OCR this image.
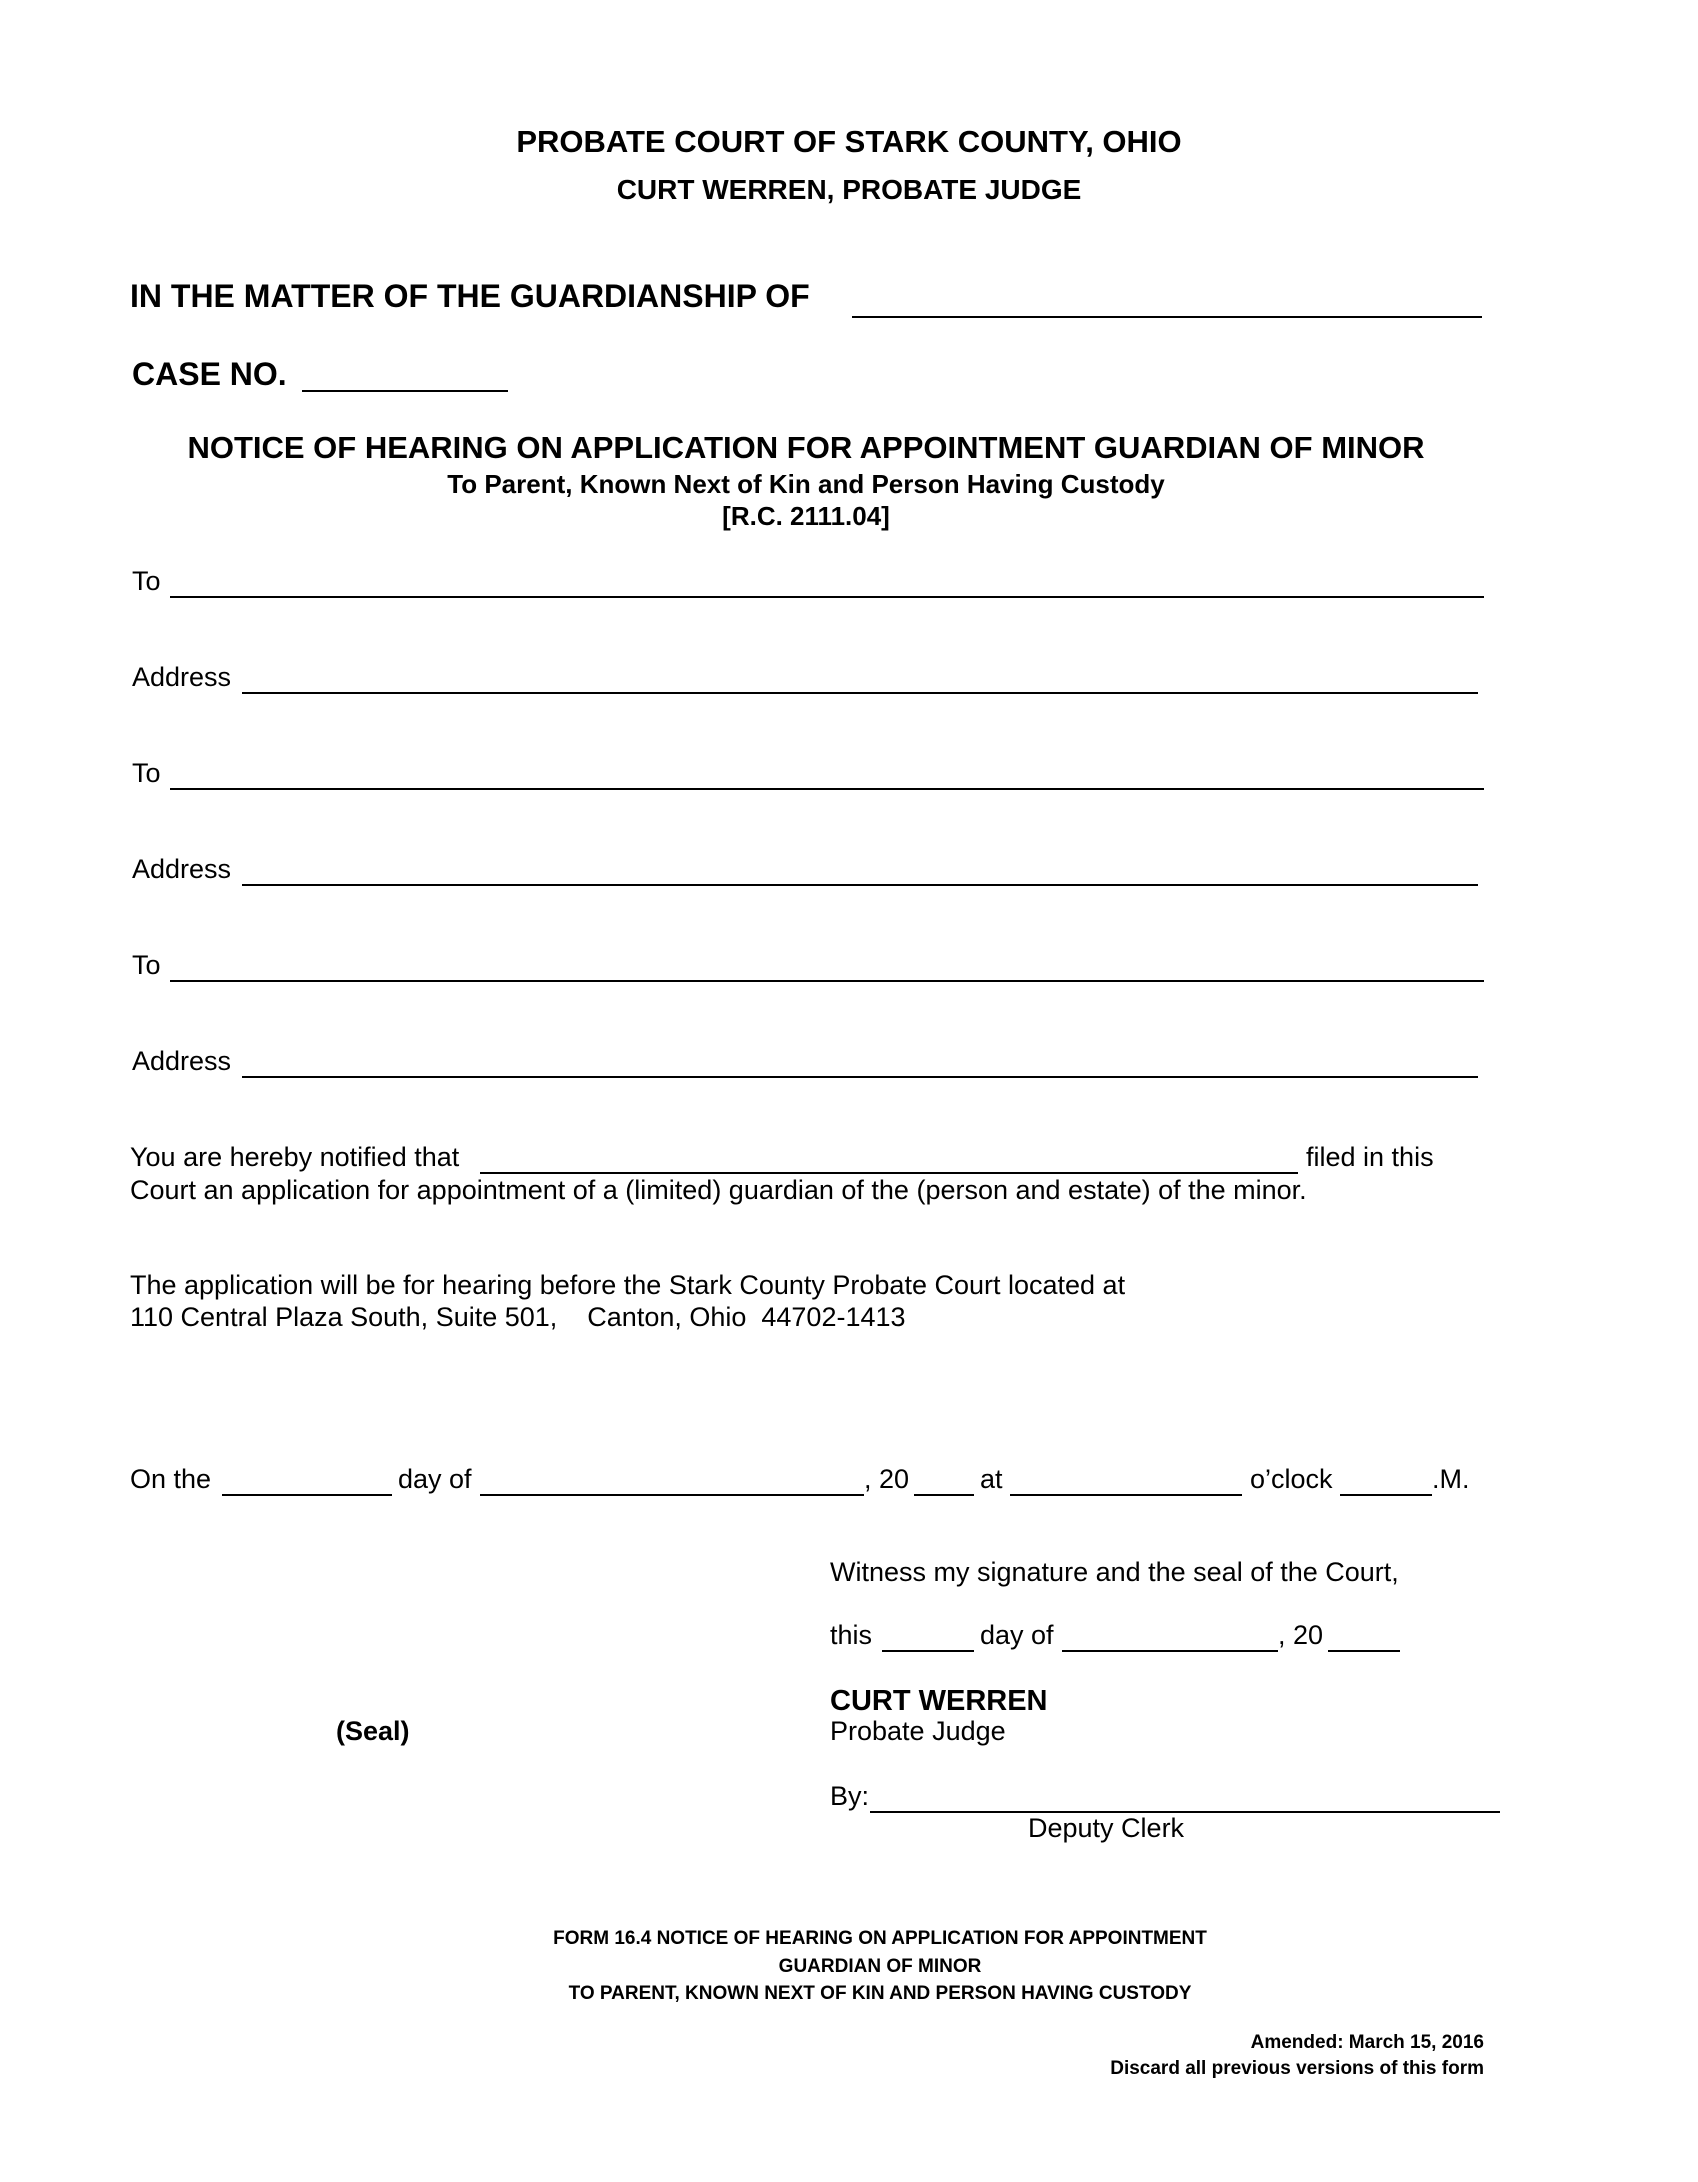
PROBATE COURT OF STARK COUNTY, OHIO
CURT WERREN, PROBATE JUDGE
IN THE MATTER OF THE GUARDIANSHIP OF
CASE NO.
NOTICE OF HEARING ON APPLICATION FOR APPOINTMENT GUARDIAN OF MINOR
To Parent, Known Next of Kin and Person Having Custody
[R.C. 2111.04]
To
Address
To
Address
To
Address
You are hereby notified that	filed in this
Court an application for appointment of a (limited) guardian of the (person and estate) of the minor.
The application will be for hearing before the Stark County Probate Court located at
110 Central Plaza South, Suite 501,    Canton, Ohio  44702-1413
On the	day of	, 20	at	o’clock	.M.
Witness my signature and the seal of the Court,
this	day of	, 20
CURT WERREN
Probate Judge
(Seal)
By:
Deputy Clerk
FORM 16.4 NOTICE OF HEARING ON APPLICATION FOR APPOINTMENT
GUARDIAN OF MINOR
TO PARENT, KNOWN NEXT OF KIN AND PERSON HAVING CUSTODY
Amended: March 15, 2016
Discard all previous versions of this form
